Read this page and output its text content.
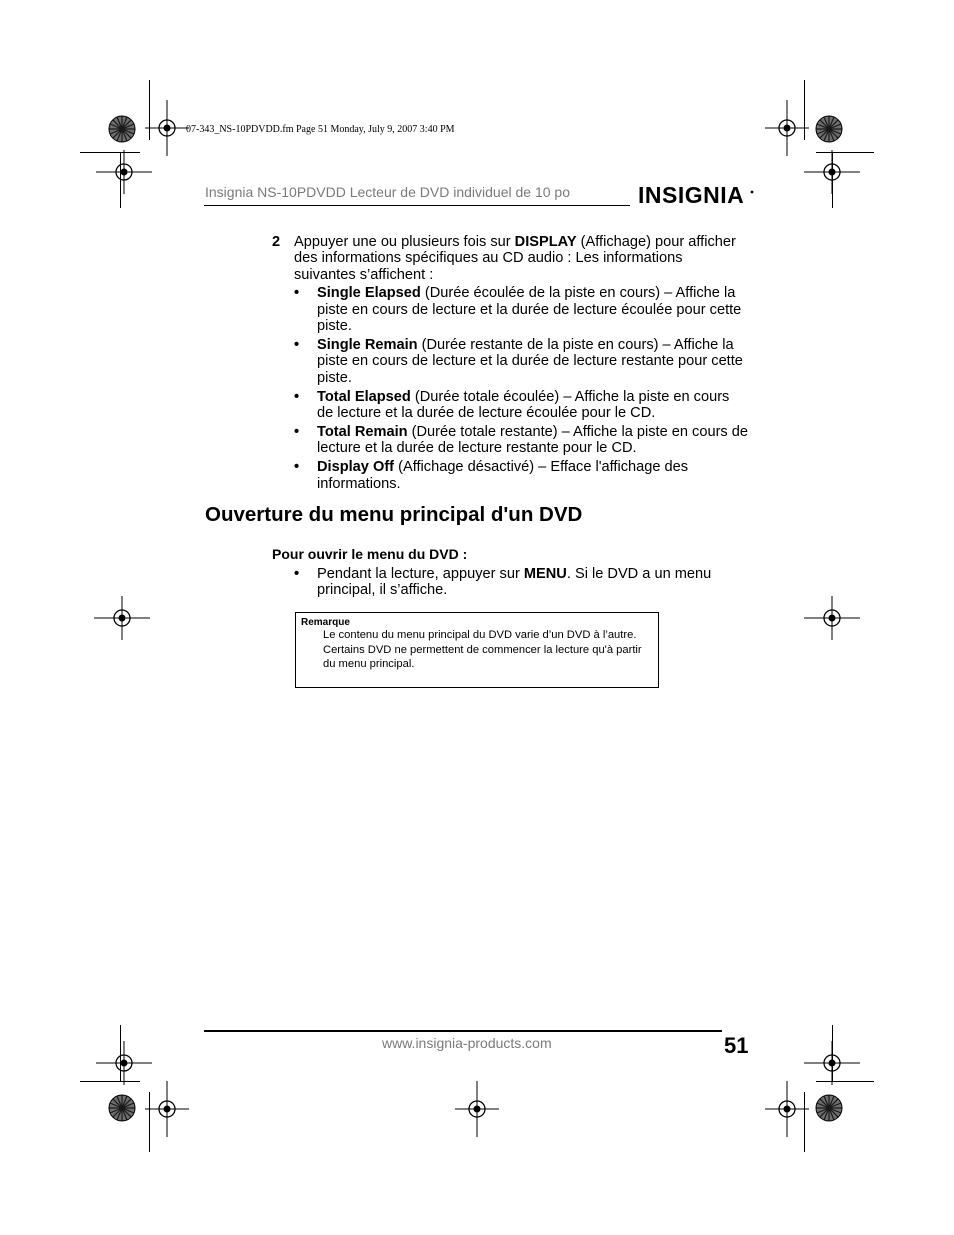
07-343_NS-10PDVDD.fm Page 51 Monday, July 9, 2007 3:40 PM
Insignia NS-10PDVDD Lecteur de DVD individuel de 10 po	INSIGNIA
2 Appuyer une ou plusieurs fois sur DISPLAY (Affichage) pour afficher des informations spécifiques au CD audio : Les informations suivantes s’affichent :
• Single Elapsed (Durée écoulée de la piste en cours) – Affiche la piste en cours de lecture et la durée de lecture écoulée pour cette piste.
• Single Remain (Durée restante de la piste en cours) – Affiche la piste en cours de lecture et la durée de lecture restante pour cette piste.
• Total Elapsed (Durée totale écoulée) – Affiche la piste en cours de lecture et la durée de lecture écoulée pour le CD.
• Total Remain (Durée totale restante) – Affiche la piste en cours de lecture et la durée de lecture restante pour le CD.
• Display Off (Affichage désactivé) – Efface l'affichage des informations.
Ouverture du menu principal d'un DVD
Pour ouvrir le menu du DVD :
• Pendant la lecture, appuyer sur MENU. Si le DVD a un menu principal, il s’affiche.
Remarque

Le contenu du menu principal du DVD varie d’un DVD à l’autre.

Certains DVD ne permettent de commencer la lecture qu'à partir du menu principal.

www.insignia-products.com	51
